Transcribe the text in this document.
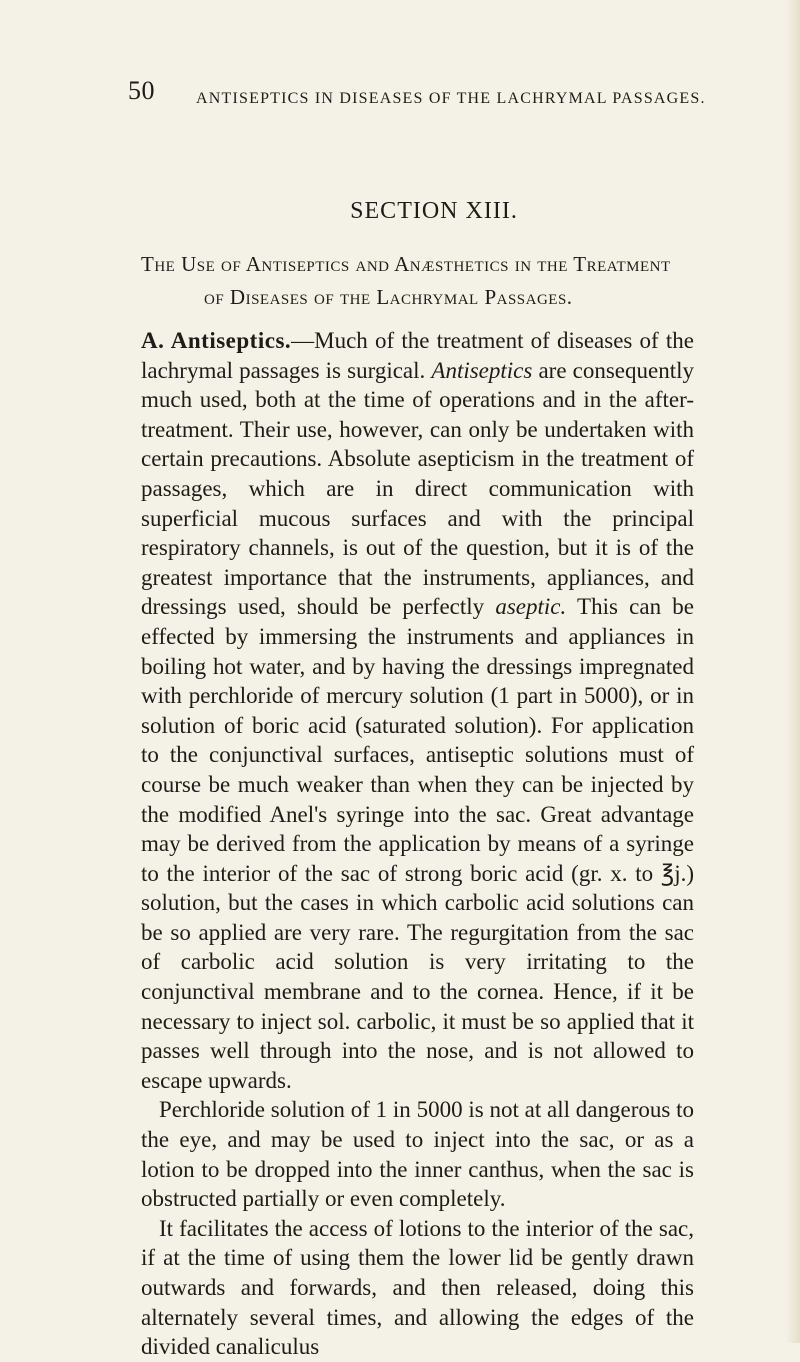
50	ANTISEPTICS IN DISEASES OF THE LACHRYMAL PASSAGES.
SECTION XIII.
The Use of Antiseptics and Anæsthetics in the Treatment
of Diseases of the Lachrymal Passages.

A. Antiseptics.—Much of the treatment of diseases of the lachrymal passages is surgical. Antiseptics are consequently much used, both at the time of operations and in the after-treatment. Their use, however, can only be undertaken with certain precautions. Absolute asepticism in the treatment of passages, which are in direct communication with superficial mucous surfaces and with the principal respiratory channels, is out of the question, but it is of the greatest importance that the instruments, appliances, and dressings used, should be perfectly aseptic. This can be effected by immersing the instruments and appliances in boiling hot water, and by having the dressings impregnated with perchloride of mercury solution (1 part in 5000), or in solution of boric acid (saturated solution). For application to the conjunctival surfaces, antiseptic solutions must of course be much weaker than when they can be injected by the modified Anel's syringe into the sac. Great advantage may be derived from the application by means of a syringe to the interior of the sac of strong boric acid (gr. x. to ℥j.) solution, but the cases in which carbolic acid solutions can be so applied are very rare. The regurgitation from the sac of carbolic acid solution is very irritating to the conjunctival membrane and to the cornea. Hence, if it be necessary to inject sol. carbolic, it must be so applied that it passes well through into the nose, and is not allowed to escape upwards.

Perchloride solution of 1 in 5000 is not at all dangerous to the eye, and may be used to inject into the sac, or as a lotion to be dropped into the inner canthus, when the sac is obstructed partially or even completely.

It facilitates the access of lotions to the interior of the sac, if at the time of using them the lower lid be gently drawn outwards and forwards, and then released, doing this alternately several times, and allowing the edges of the divided canaliculus
